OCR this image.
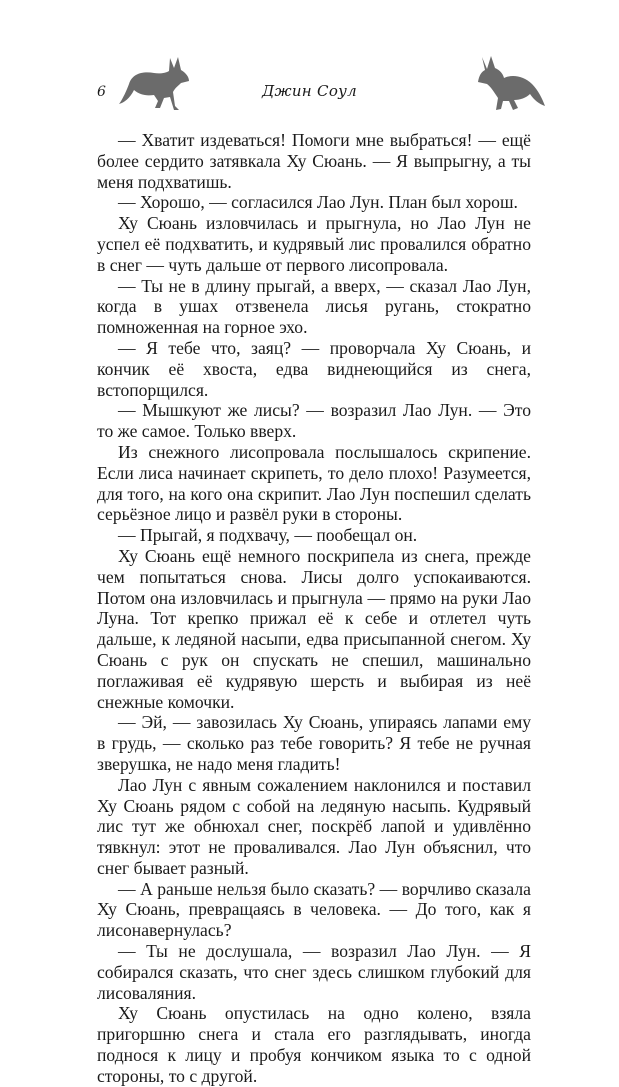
6	Джин Соул

— Хватит издеваться! Помоги мне выбраться! — ещё более сердито затявкала Ху Сюань. — Я выпрыгну, а ты меня подхватишь.

— Хорошо, — согласился Лао Лун. План был хорош.

Ху Сюань изловчилась и прыгнула, но Лао Лун не успел её подхватить, и кудрявый лис провалился обратно в снег — чуть дальше от первого лисопровала.

— Ты не в длину прыгай, а вверх, — сказал Лао Лун, когда в ушах отзвенела лисья ругань, стократно помноженная на горное эхо.

— Я тебе что, заяц? — проворчала Ху Сюань, и кончик её хвоста, едва виднеющийся из снега, встопорщился.

— Мышкуют же лисы? — возразил Лао Лун. — Это то же самое. Только вверх.

Из снежного лисопровала послышалось скрипение. Если лиса начинает скрипеть, то дело плохо! Разумеется, для того, на кого она скрипит. Лао Лун поспешил сделать серьёзное лицо и развёл руки в стороны.

— Прыгай, я подхвачу, — пообещал он.

Ху Сюань ещё немного поскрипела из снега, прежде чем попытаться снова. Лисы долго успокаиваются. Потом она изловчилась и прыгнула — прямо на руки Лао Луна. Тот крепко прижал её к себе и отлетел чуть дальше, к ледяной насыпи, едва присыпанной снегом. Ху Сюань с рук он спускать не спешил, машинально поглаживая её кудрявую шерсть и выбирая из неё снежные комочки.

— Эй, — завозилась Ху Сюань, упираясь лапами ему в грудь, — сколько раз тебе говорить? Я тебе не ручная зверушка, не надо меня гладить!

Лао Лун с явным сожалением наклонился и поставил Ху Сюань рядом с собой на ледяную насыпь. Кудрявый лис тут же обнюхал снег, поскрёб лапой и удивлённо тявкнул: этот не проваливался. Лао Лун объяснил, что снег бывает разный.

— А раньше нельзя было сказать? — ворчливо сказала Ху Сюань, превращаясь в человека. — До того, как я лисонавернулась?

— Ты не дослушала, — возразил Лао Лун. — Я собирался сказать, что снег здесь слишком глубокий для лисоваляния.

Ху Сюань опустилась на одно колено, взяла пригоршню снега и стала его разглядывать, иногда поднося к лицу и пробуя кончиком языка то с одной стороны, то с другой.
